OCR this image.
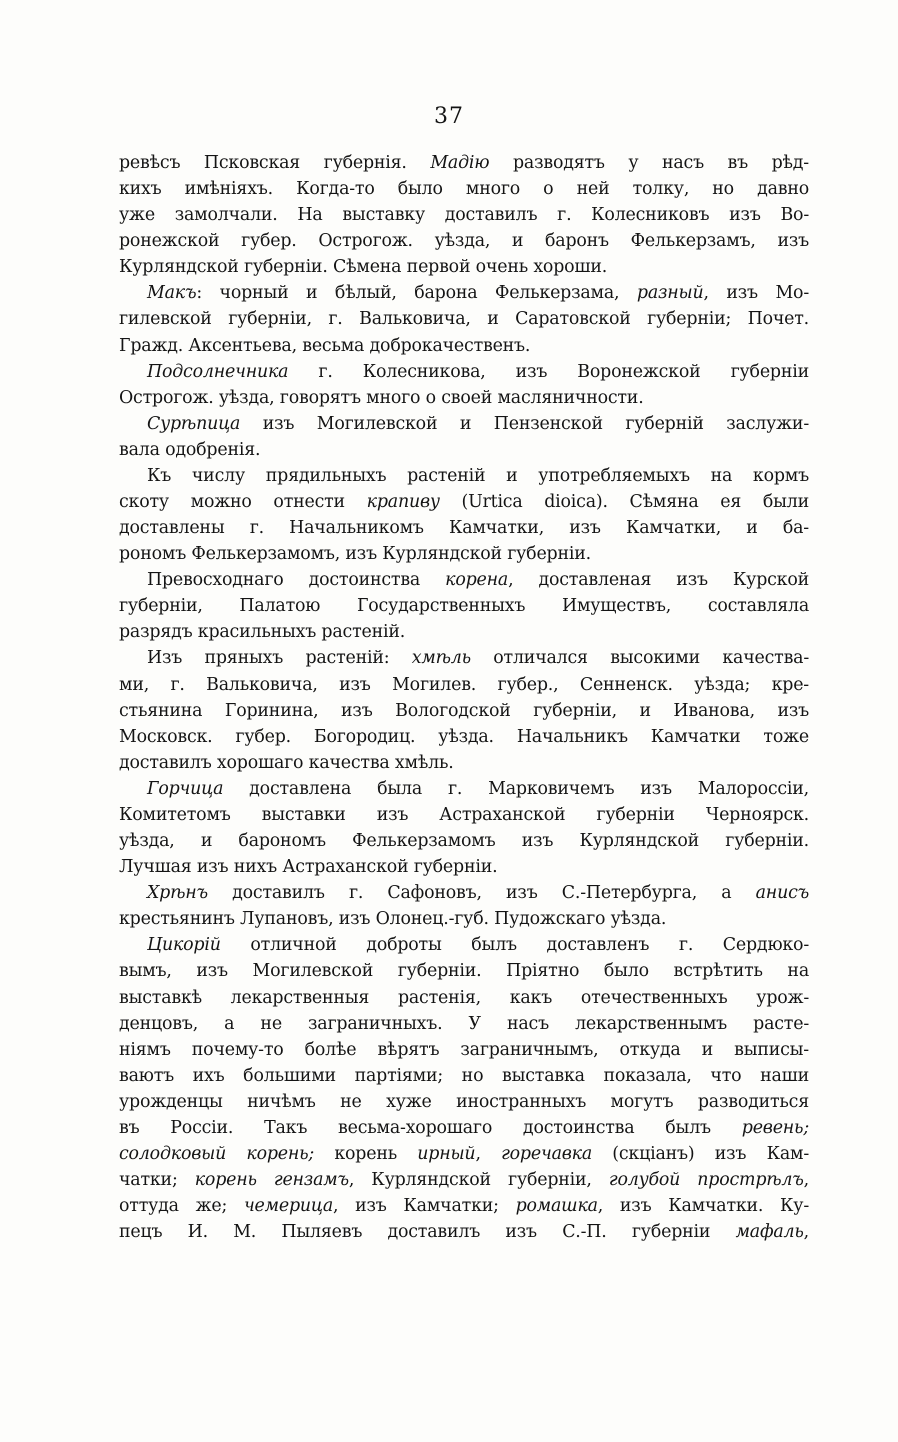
37
ревѣсъ Псковская губернія. Мадію разводятъ у насъ въ рѣд-
кихъ имѣніяхъ. Когда-то было много о ней толку, но давно
уже замолчали. На выставку доставилъ г. Колесниковъ изъ Во-
ронежской губер. Острогож. уѣзда, и баронъ Фелькерзамъ, изъ
Курляндской губерніи. Сѣмена первой очень хороши.
Макъ: чорный и бѣлый, барона Фелькерзама, разный, изъ Мо-
гилевской губерніи, г. Вальковича, и Саратовской губерніи; Почет.
Гражд. Аксентьева, весьма доброкачественъ.
Подсолнечника г. Колесникова, изъ Воронежской губерніи
Острогож. уѣзда, говорятъ много о своей масляничности.
Сурѣпица изъ Могилевской и Пензенской губерній заслужи-
вала одобренія.
Къ числу прядильныхъ растеній и употребляемыхъ на кормъ
скоту можно отнести крапиву (Urtica dioica). Сѣмяна ея были
доставлены г. Начальникомъ Камчатки, изъ Камчатки, и ба-
рономъ Фелькерзамомъ, изъ Курляндской губерніи.
Превосходнаго достоинства корена, доставленая изъ Курской
губерніи, Палатою Государственныхъ Имуществъ, составляла
разрядъ красильныхъ растеній.
Изъ пряныхъ растеній: хмѣль отличался высокими качества-
ми, г. Вальковича, изъ Могилев. губер., Сенненск. уѣзда; кре-
стьянина Горинина, изъ Вологодской губерніи, и Иванова, изъ
Московск. губер. Богородиц. уѣзда. Начальникъ Камчатки тоже
доставилъ хорошаго качества хмѣль.
Горчица доставлена была г. Марковичемъ изъ Малороссіи,
Комитетомъ выставки изъ Астраханской губерніи Черноярск.
уѣзда, и барономъ Фелькерзамомъ изъ Курляндской губерніи.
Лучшая изъ нихъ Астраханской губерніи.
Хрѣнъ доставилъ г. Сафоновъ, изъ С.-Петербурга, а анисъ
крестьянинъ Лупановъ, изъ Олонец.-губ. Пудожскаго уѣзда.
Цикорій отличной доброты былъ доставленъ г. Сердюко-
вымъ, изъ Могилевской губерніи. Пріятно было встрѣтить на
выставкѣ лекарственныя растенія, какъ отечественныхъ урож-
денцовъ, а не заграничныхъ. У насъ лекарственнымъ расте-
ніямъ почему-то болѣе вѣрятъ заграничнымъ, откуда и выписы-
ваютъ ихъ большими партіями; но выставка показала, что наши
урожденцы ничѣмъ не хуже иностранныхъ могутъ разводиться
въ Россіи. Такъ весьма-хорошаго достоинства былъ ревень;
солодковый корень; корень ирный, горечавка (скціанъ) изъ Кам-
чатки; корень гензамъ, Курляндской губерніи, голубой прострѣлъ,
оттуда же; чемерица, изъ Камчатки; ромашка, изъ Камчатки. Ку-
пецъ И. М. Пыляевъ доставилъ изъ С.-П. губерніи мафаль,
